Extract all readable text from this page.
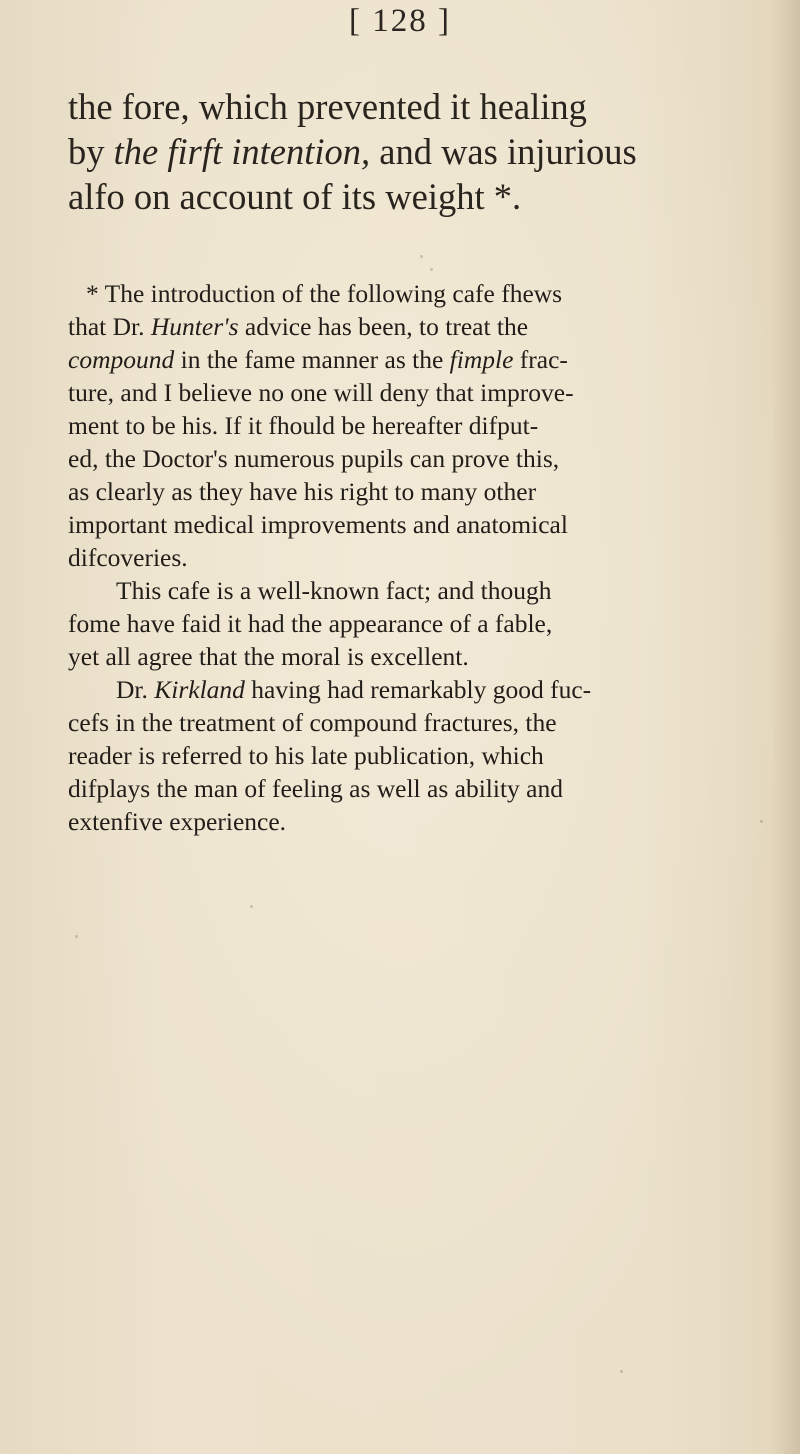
[ 128 ]
the fore, which prevented it healing
by the firft intention, and was injurious
alfo on account of its weight *.
* The introduction of the following cafe fhews
that Dr. Hunter's advice has been, to treat the
compound in the fame manner as the fimple frac-
ture, and I believe no one will deny that improve-
ment to be his. If it fhould be hereafter difput-
ed, the Doctor's numerous pupils can prove this,
as clearly as they have his right to many other
important medical improvements and anatomical
difcoveries.
This cafe is a well-known fact; and though
fome have faid it had the appearance of a fable,
yet all agree that the moral is excellent.
Dr. Kirkland having had remarkably good fuc-
cefs in the treatment of compound fractures, the
reader is referred to his late publication, which
difplays the man of feeling as well as ability and
extenfive experience.
